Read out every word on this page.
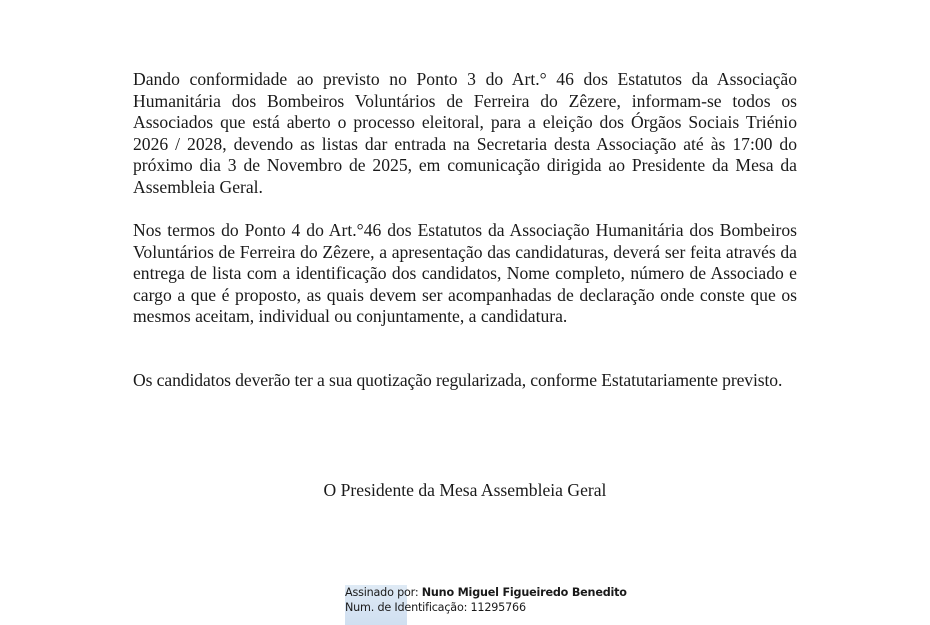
Dando conformidade ao previsto no Ponto 3 do Art.° 46 dos Estatutos da Associação Humanitária dos Bombeiros Voluntários de Ferreira do Zêzere, informam-se todos os Associados que está aberto o processo eleitoral, para a eleição dos Órgãos Sociais Triénio 2026 / 2028, devendo as listas dar entrada na Secretaria desta Associação até às 17:00 do próximo dia 3 de Novembro de 2025, em comunicação dirigida ao Presidente da Mesa da Assembleia Geral.

Nos termos do Ponto 4 do Art.°46 dos Estatutos da Associação Humanitária dos Bombeiros Voluntários de Ferreira do Zêzere, a apresentação das candidaturas, deverá ser feita através da entrega de lista com a identificação dos candidatos, Nome completo, número de Associado e cargo a que é proposto, as quais devem ser acompanhadas de declaração onde conste que os mesmos aceitam, individual ou conjuntamente, a candidatura.

Os candidatos deverão ter a sua quotização regularizada, conforme Estatutariamente previsto.

O Presidente da Mesa Assembleia Geral

Assinado por: Nuno Miguel Figueiredo Benedito
Num. de Identificação: 11295766
